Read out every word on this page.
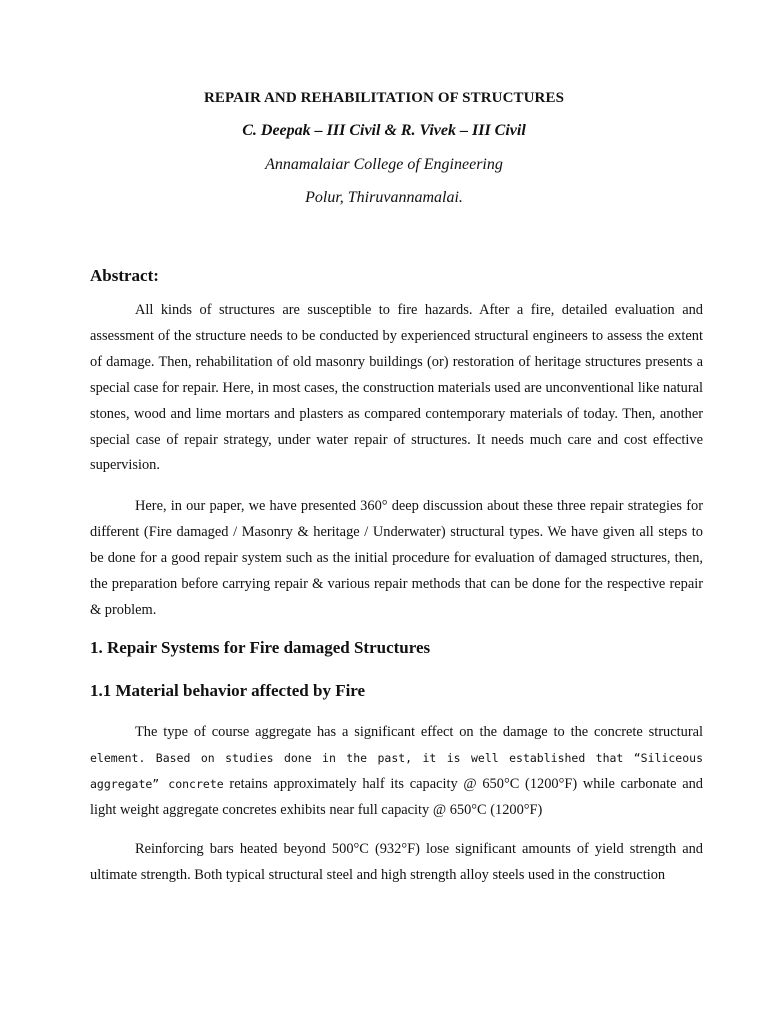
REPAIR AND REHABILITATION OF STRUCTURES
C. Deepak – III Civil & R. Vivek – III Civil
Annamalaiar College of Engineering
Polur, Thiruvannamalai.
Abstract:

All kinds of structures are susceptible to fire hazards. After a fire, detailed evaluation and assessment of the structure needs to be conducted by experienced structural engineers to assess the extent of damage. Then, rehabilitation of old masonry buildings (or) restoration of heritage structures presents a special case for repair. Here, in most cases, the construction materials used are unconventional like natural stones, wood and lime mortars and plasters as compared contemporary materials of today. Then, another special case of repair strategy, under water repair of structures. It needs much care and cost effective supervision.

Here, in our paper, we have presented 360° deep discussion about these three repair strategies for different (Fire damaged / Masonry & heritage / Underwater) structural types. We have given all steps to be done for a good repair system such as the initial procedure for evaluation of damaged structures, then, the preparation before carrying repair & various repair methods that can be done for the respective repair & problem.

1. Repair Systems for Fire damaged Structures
1.1 Material behavior affected by Fire

The type of course aggregate has a significant effect on the damage to the concrete structural element. Based on studies done in the past, it is well established that “Siliceous aggregate” concrete retains approximately half its capacity @ 650°C (1200°F) while carbonate and light weight aggregate concretes exhibits near full capacity @ 650°C (1200°F)

Reinforcing bars heated beyond 500°C (932°F) lose significant amounts of yield strength and ultimate strength. Both typical structural steel and high strength alloy steels used in the construction
